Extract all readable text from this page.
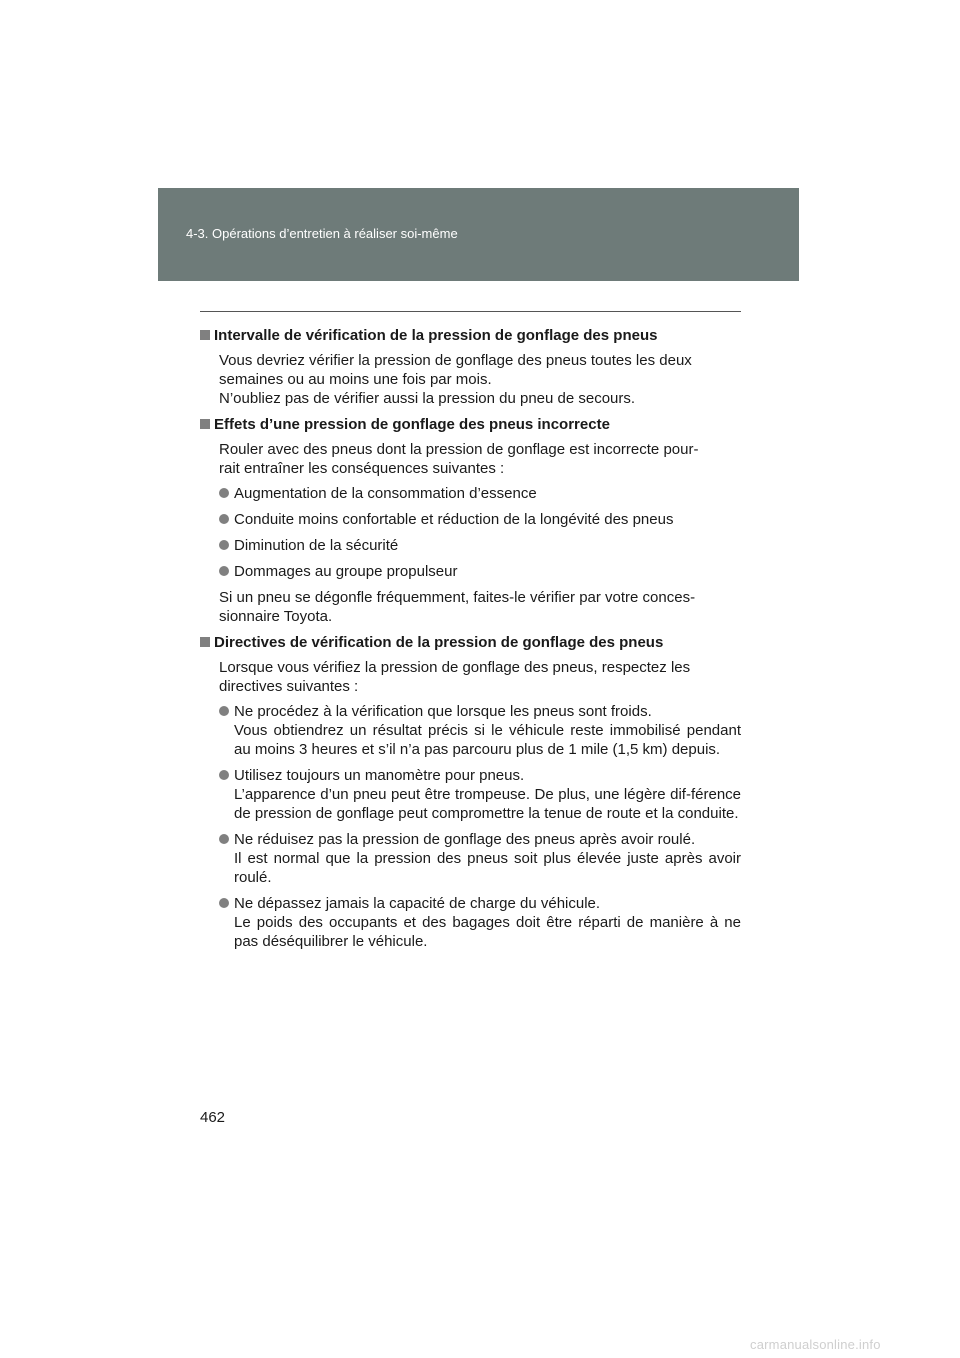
4-3. Opérations d’entretien à réaliser soi-même
Intervalle de vérification de la pression de gonflage des pneus
Vous devriez vérifier la pression de gonflage des pneus toutes les deux
semaines ou au moins une fois par mois.
N’oubliez pas de vérifier aussi la pression du pneu de secours.
Effets d’une pression de gonflage des pneus incorrecte
Rouler avec des pneus dont la pression de gonflage est incorrecte pour-
rait entraîner les conséquences suivantes :
Augmentation de la consommation d’essence
Conduite moins confortable et réduction de la longévité des pneus
Diminution de la sécurité
Dommages au groupe propulseur
Si un pneu se dégonfle fréquemment, faites-le vérifier par votre conces-
sionnaire Toyota.
Directives de vérification de la pression de gonflage des pneus
Lorsque vous vérifiez la pression de gonflage des pneus, respectez les
directives suivantes :
Ne procédez à la vérification que lorsque les pneus sont froids.
Vous obtiendrez un résultat précis si le véhicule reste immobilisé pendant au moins 3 heures et s’il n’a pas parcouru plus de 1 mile (1,5 km) depuis.
Utilisez toujours un manomètre pour pneus.
L’apparence d’un pneu peut être trompeuse. De plus, une légère dif-férence de pression de gonflage peut compromettre la tenue de route et la conduite.
Ne réduisez pas la pression de gonflage des pneus après avoir roulé.
Il est normal que la pression des pneus soit plus élevée juste après avoir roulé.
Ne dépassez jamais la capacité de charge du véhicule.
Le poids des occupants et des bagages doit être réparti de manière à ne pas déséquilibrer le véhicule.
462
carmanualsonline.info
